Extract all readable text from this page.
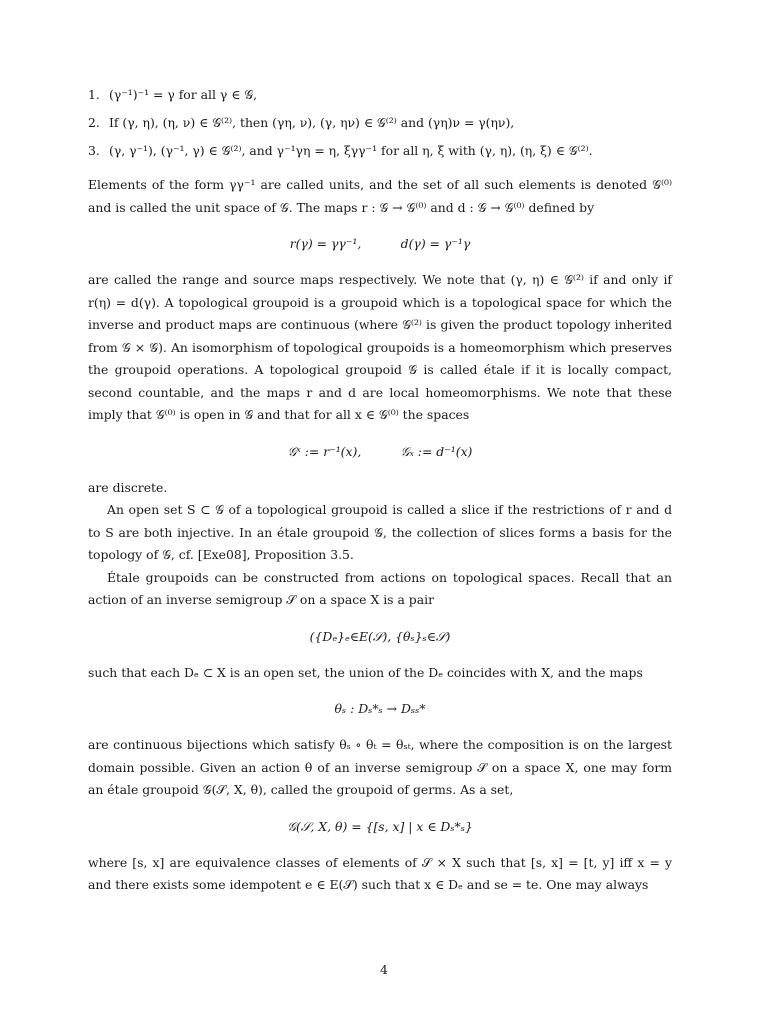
1. (γ⁻¹)⁻¹ = γ for all γ ∈ 𝒢,
2. If (γ, η), (η, ν) ∈ 𝒢⁽²⁾, then (γη, ν), (γ, ην) ∈ 𝒢⁽²⁾ and (γη)ν = γ(ην),
3. (γ, γ⁻¹), (γ⁻¹, γ) ∈ 𝒢⁽²⁾, and γ⁻¹γη = η, ξγγ⁻¹ for all η, ξ with (γ, η), (η, ξ) ∈ 𝒢⁽²⁾.

Elements of the form γγ⁻¹ are called units, and the set of all such elements is denoted 𝒢⁽⁰⁾ and is called the unit space of 𝒢. The maps r : 𝒢 → 𝒢⁽⁰⁾ and d : 𝒢 → 𝒢⁽⁰⁾ defined by

r(γ) = γγ⁻¹,          d(γ) = γ⁻¹γ

are called the range and source maps respectively. We note that (γ, η) ∈ 𝒢⁽²⁾ if and only if r(η) = d(γ). A topological groupoid is a groupoid which is a topological space for which the inverse and product maps are continuous (where 𝒢⁽²⁾ is given the product topology inherited from 𝒢 × 𝒢). An isomorphism of topological groupoids is a homeomorphism which preserves the groupoid operations. A topological groupoid 𝒢 is called étale if it is locally compact, second countable, and the maps r and d are local homeomorphisms. We note that these imply that 𝒢⁽⁰⁾ is open in 𝒢 and that for all x ∈ 𝒢⁽⁰⁾ the spaces

𝒢ˣ := r⁻¹(x),          𝒢ₓ := d⁻¹(x)

are discrete.

An open set S ⊂ 𝒢 of a topological groupoid is called a slice if the restrictions of r and d to S are both injective. In an étale groupoid 𝒢, the collection of slices forms a basis for the topology of 𝒢, cf. [Exe08], Proposition 3.5.

Étale groupoids can be constructed from actions on topological spaces. Recall that an action of an inverse semigroup 𝒮 on a space X is a pair

({Dₑ}ₑ∈E(𝒮), {θₛ}ₛ∈𝒮)

such that each Dₑ ⊂ X is an open set, the union of the Dₑ coincides with X, and the maps

θₛ : Dₛ*ₛ → Dₛₛ*

are continuous bijections which satisfy θₛ ∘ θₜ = θₛₜ, where the composition is on the largest domain possible. Given an action θ of an inverse semigroup 𝒮 on a space X, one may form an étale groupoid 𝒢(𝒮, X, θ), called the groupoid of germs. As a set,

𝒢(𝒮, X, θ) = {[s, x] | x ∈ Dₛ*ₛ}

where [s, x] are equivalence classes of elements of 𝒮 × X such that [s, x] = [t, y] iff x = y and there exists some idempotent e ∈ E(𝒮) such that x ∈ Dₑ and se = te. One may always

4
